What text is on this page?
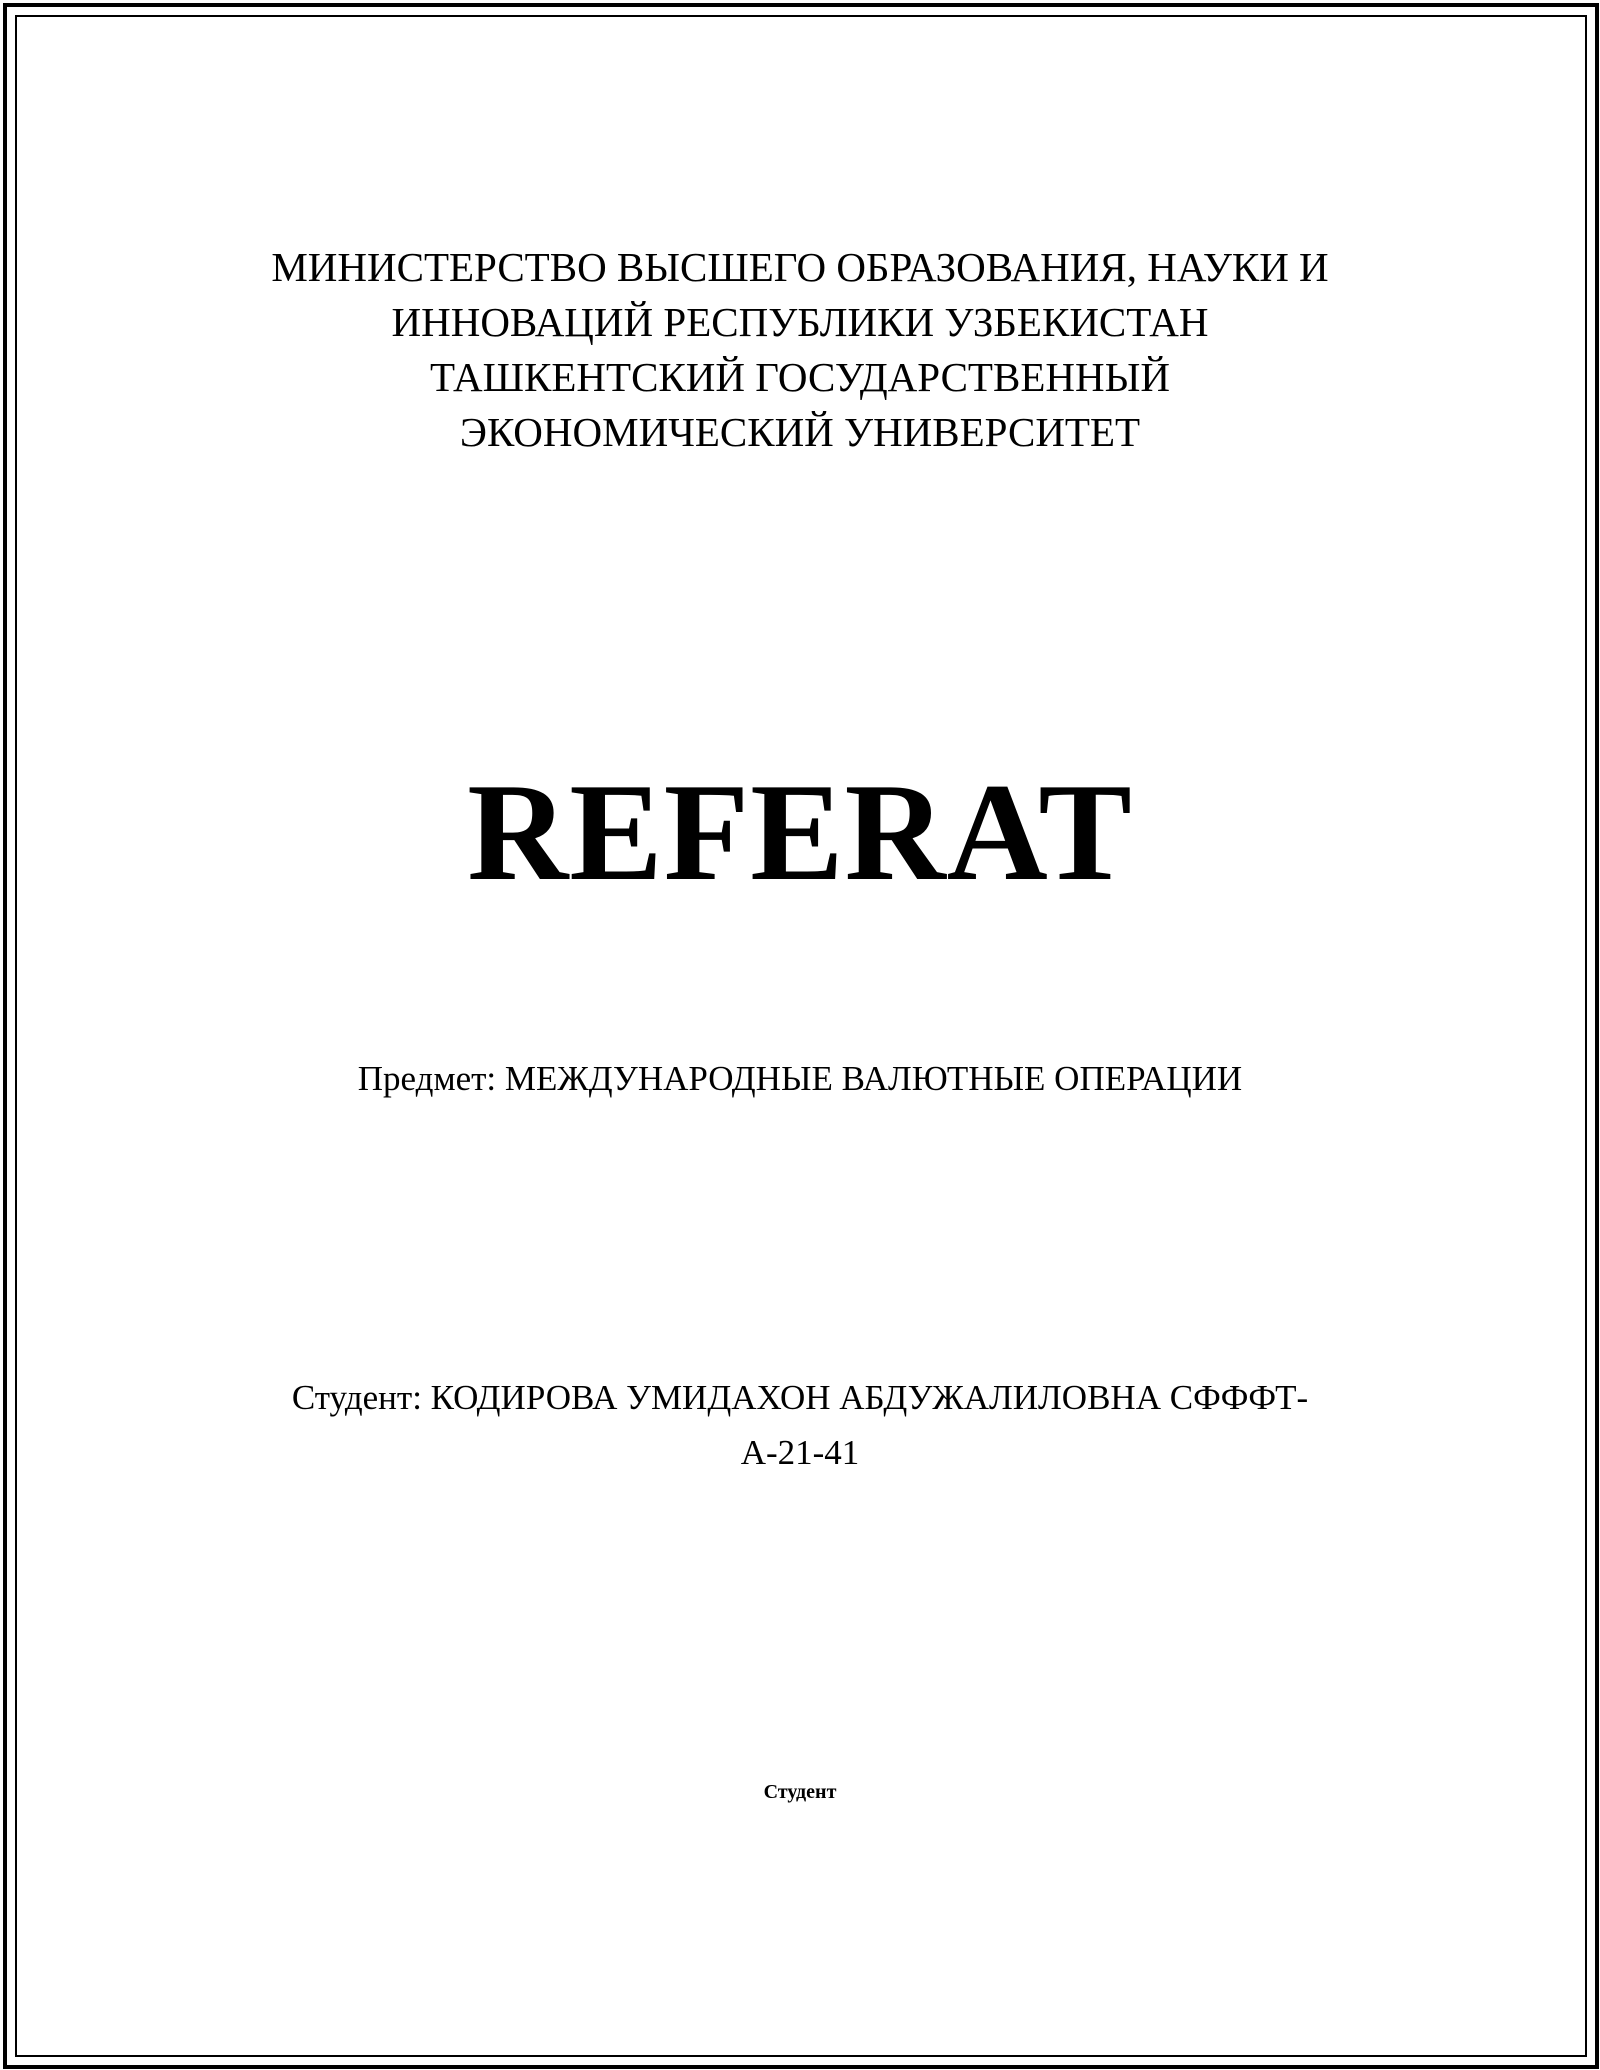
МИНИСТЕРСТВО ВЫСШЕГО ОБРАЗОВАНИЯ, НАУКИ И
ИННОВАЦИЙ РЕСПУБЛИКИ УЗБЕКИСТАН
ТАШКЕНТСКИЙ ГОСУДАРСТВЕННЫЙ
ЭКОНОМИЧЕСКИЙ УНИВЕРСИТЕТ
REFERAT
Предмет: МЕЖДУНАРОДНЫЕ ВАЛЮТНЫЕ ОПЕРАЦИИ
Студент: КОДИРОВА УМИДАХОН АБДУЖАЛИЛОВНА СФФФТ-
А-21-41
Студент
